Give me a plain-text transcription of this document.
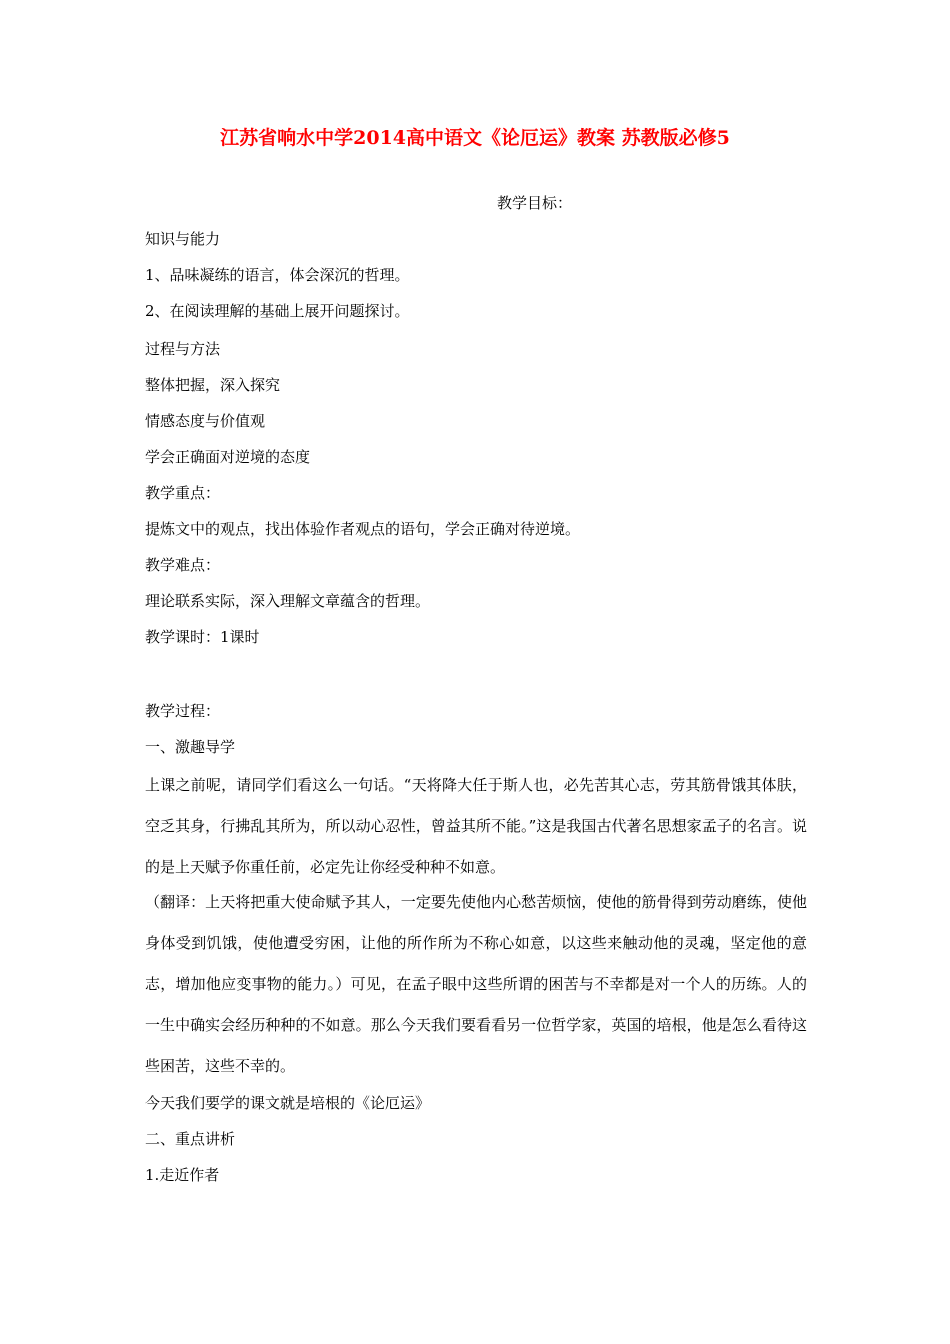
江苏省响水中学2014高中语文《论厄运》教案 苏教版必修5
教学目标：
知识与能力
1、品味凝练的语言，体会深沉的哲理。
2、在阅读理解的基础上展开问题探讨。
过程与方法
整体把握，深入探究
情感态度与价值观
学会正确面对逆境的态度
教学重点：
提炼文中的观点，找出体验作者观点的语句，学会正确对待逆境。
教学难点：
理论联系实际，深入理解文章蕴含的哲理。
教学课时：1课时
教学过程：
一、激趣导学
上课之前呢，请同学们看这么一句话。“天将降大任于斯人也，必先苦其心志，劳其筋骨饿其体肤，空乏其身，行拂乱其所为，所以动心忍性，曾益其所不能。”这是我国古代著名思想家孟子的名言。说的是上天赋予你重任前，必定先让你经受种种不如意。
（翻译：上天将把重大使命赋予其人，一定要先使他内心愁苦烦恼，使他的筋骨得到劳动磨练，使他身体受到饥饿，使他遭受穷困，让他的所作所为不称心如意，以这些来触动他的灵魂，坚定他的意志，增加他应变事物的能力。）可见，在孟子眼中这些所谓的困苦与不幸都是对一个人的历练。人的一生中确实会经历种种的不如意。那么今天我们要看看另一位哲学家，英国的培根，他是怎么看待这些困苦，这些不幸的。
今天我们要学的课文就是培根的《论厄运》
二、重点讲析
1.走近作者
